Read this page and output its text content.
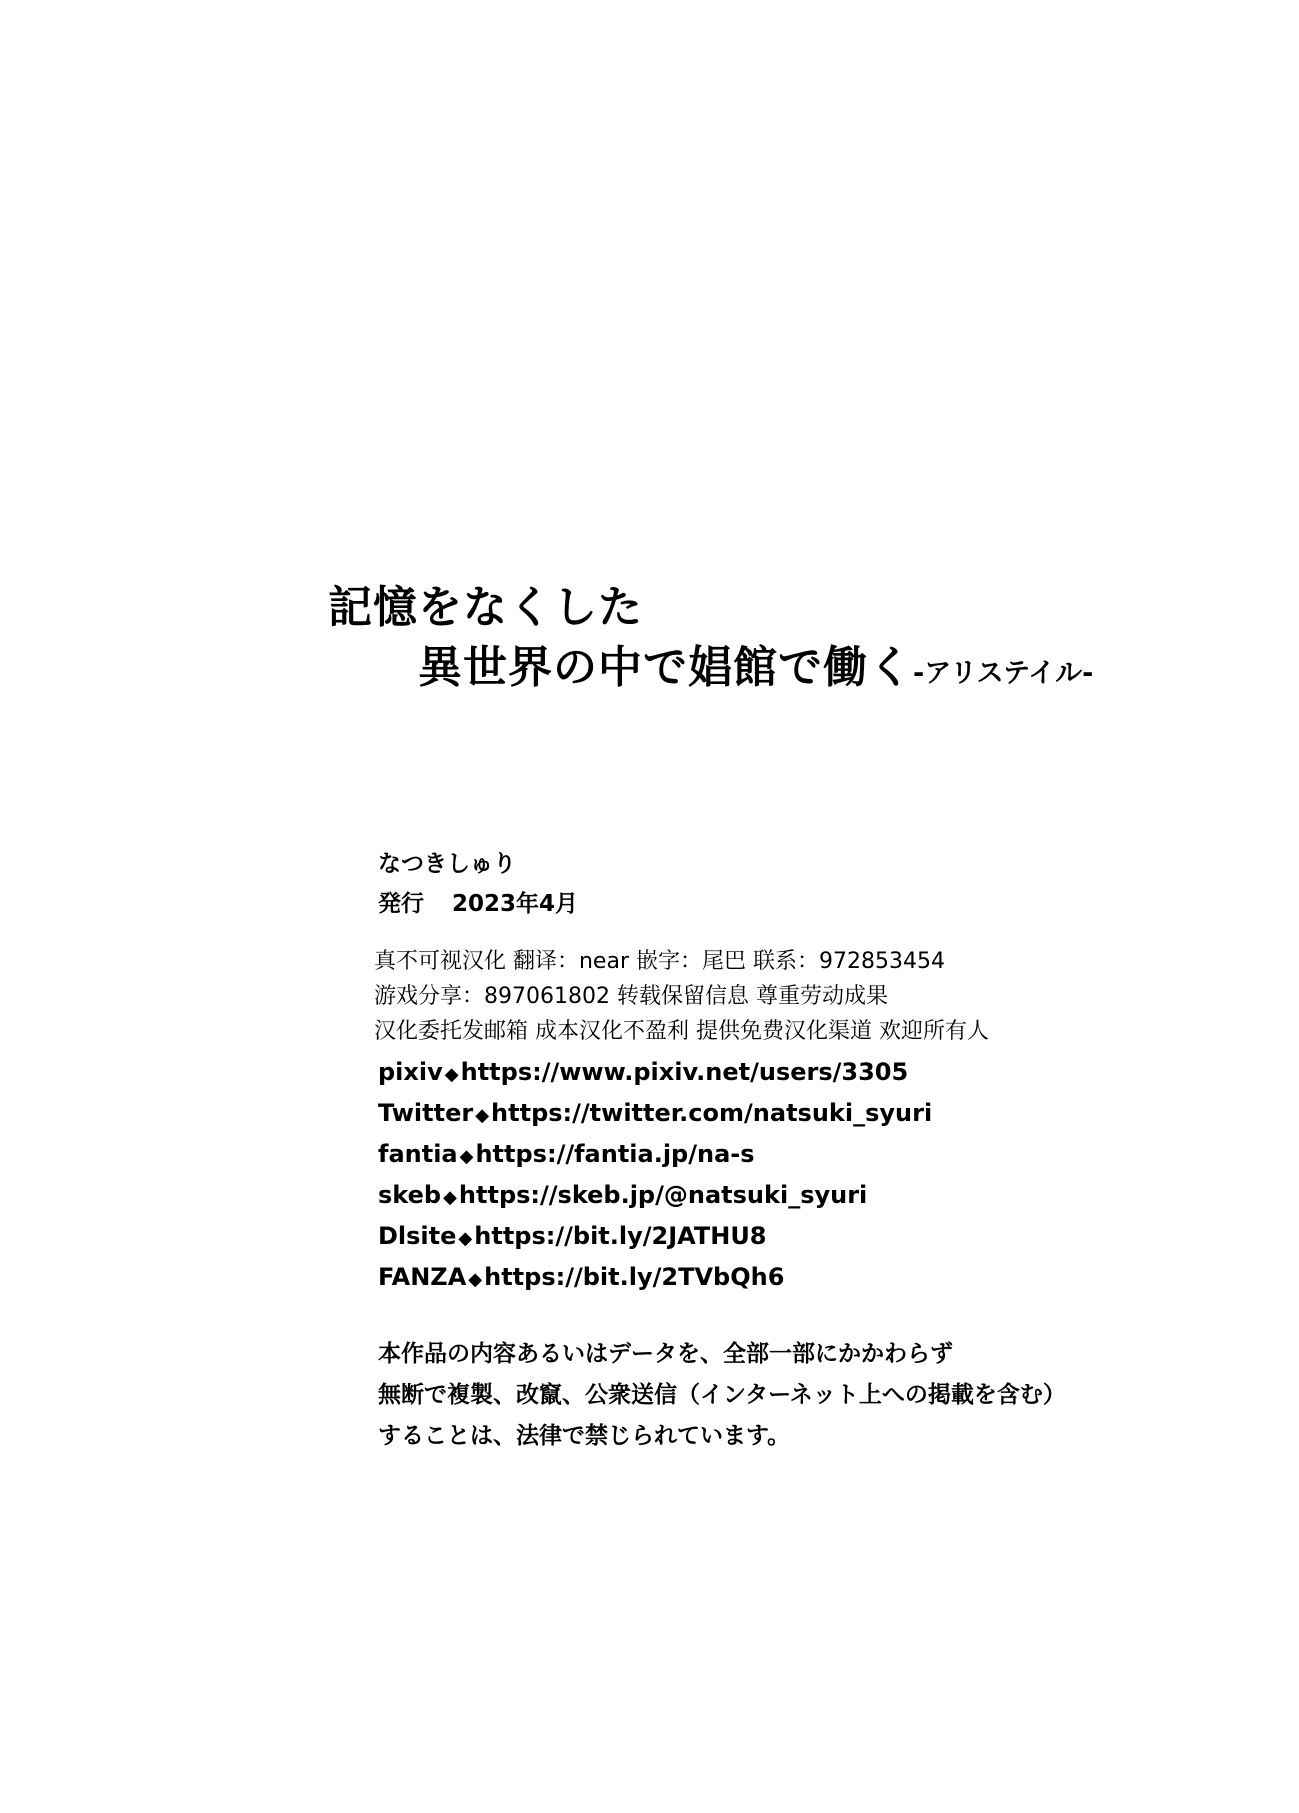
記憶をなくした
異世界の中で娼館で働く-アリステイル-
なつきしゅり
発行 2023年4月
真不可视汉化 翻译：near 嵌字：尾巴 联系：972853454
游戏分享：897061802 转载保留信息 尊重劳动成果
汉化委托发邮箱 成本汉化不盈利 提供免费汉化渠道 欢迎所有人
pixiv ◆https://www.pixiv.net/users/3305
Twitter ◆https://twitter.com/natsuki_syuri
fantia ◆https://fantia.jp/na-s
skeb ◆https://skeb.jp/@natsuki_syuri
Dlsite ◆https://bit.ly/2JATHU8
FANZA ◆https://bit.ly/2TVbQh6
本作品の内容あるいはデータを、全部一部にかかわらず
無断で複製、改竄、公衆送信（インターネット上への掲載を含む）
することは、法律で禁じられています。
